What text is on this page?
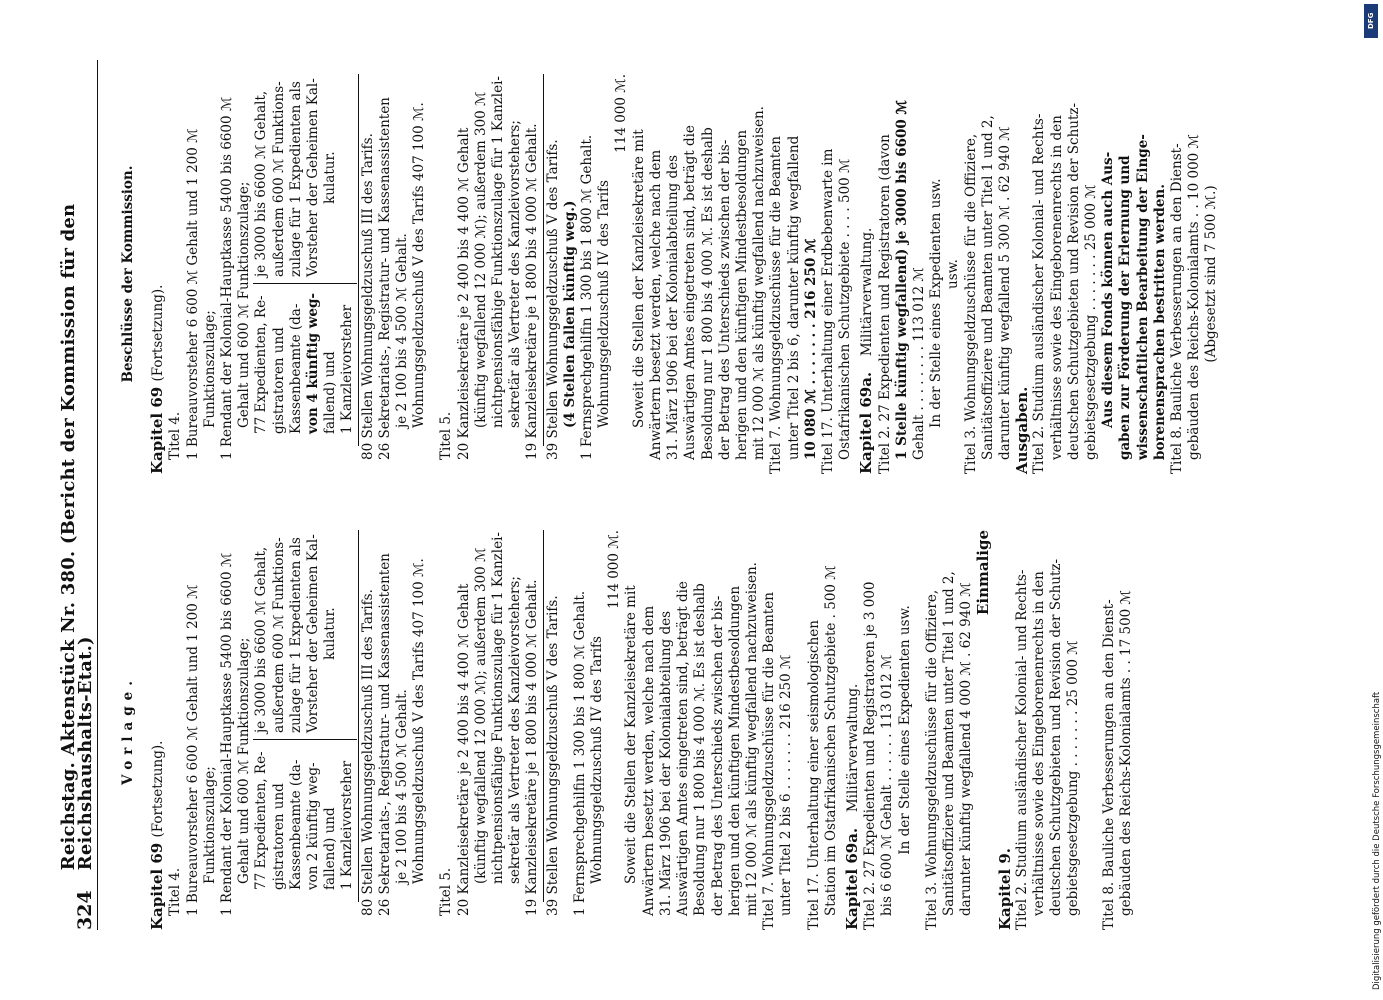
324
Reichstag. Aktenstück Nr. 380. (Bericht der Kommission für den Reichshaushalts-Etat.) Vorlage.
Kapitel 69 (Fortsetzung).
Titel 4. 1 Bureauvorsteher 6 600 ℳ Gehalt und 1 200 ℳ Funktionszulage; 1 Rendant der Kolonial-Hauptkasse 5400 bis 6600 ℳ Gehalt und 600 ℳ Funktionszulage; 77 Expedienten, Re- gistratoren und Kassenbeamte (da- von 2 künftig weg- fallend) und 1 Kanzleivorsteher
je 3000 bis 6600 ℳ Gehalt, außerdem 600 ℳ Funktions- zulage für 1 Expedienten als Vorsteher der Geheimen Kal- kulatur. 80 Stellen Wohnungsgeldzuschuß III des Tarifs. 26 Sekretariats-, Registratur- und Kassenassistenten je 2 100 bis 4 500 ℳ Gehalt. Wohnungsgeldzuschuß V des Tarifs 407 100 ℳ.
Titel 5. 20 Kanzleisekretäre je 2 400 bis 4 400 ℳ Gehalt (künftig wegfallend 12 000 ℳ); außerdem 300 ℳ nichtpensionsfähige Funktionszulage für 1 Kanzlei- sekretär als Vertreter des Kanzleivorstehers; 19 Kanzleisekretäre je 1 800 bis 4 000 ℳ Gehalt. 39 Stellen Wohnungsgeldzuschuß V des Tarifs. 1 Fernsprechgehilfin 1 300 bis 1 800 ℳ Gehalt. Wohnungsgeldzuschuß IV des Tarifs
114 000 ℳ.
Soweit die Stellen der Kanzleisekretäre mit Anwärtern besetzt werden, welche nach dem 31. März 1906 bei der Kolonialabteilung des Auswärtigen Amtes eingetreten sind, beträgt die Besoldung nur 1 800 bis 4 000 ℳ. Es ist deshalb der Betrag des Unterschieds zwischen der bis- herigen und den künftigen Mindestbesoldungen mit 12 000 ℳ als künftig wegfallend nachzuweisen. Titel 7. Wohnungsgeldzuschüsse für die Beamten unter Titel 2 bis 6 . . . . . . . 216 250 ℳ Titel 17. Unterhaltung einer seismologischen Station im Ostafrikanischen Schutzgebiete . 500 ℳ Kapitel 69a.   Militärverwaltung. Titel 2. 27 Expedienten und Registratoren je 3 000 bis 6 600 ℳ Gehalt . . . . . . 113 012 ℳ In der Stelle eines Expedienten usw. Titel 3. Wohnungsgeldzuschüsse für die Offiziere, Sanitätsoffiziere und Beamten unter Titel 1 und 2, darunter künftig wegfallend 4 000 ℳ . 62 940 ℳ
Einmalige
Kapitel 9. Titel 2. Studium ausländischer Kolonial- und Rechts- verhältnisse sowie des Eingeborenenrechts in den deutschen Schutzgebieten und Revision der Schutz- gebietsgesetzgebung . . . . . . . 25 000 ℳ Titel 8. Bauliche Verbesserungen an den Dienst- gebäuden des Reichs-Kolonialamts . . 17 500 ℳ
Beschlüsse der Kommission.
Kapitel 69 (Fortsetzung).
Titel 4. 1 Bureauvorsteher 6 600 ℳ Gehalt und 1 200 ℳ Funktionszulage; 1 Rendant der Kolonial-Hauptkasse 5400 bis 6600 ℳ Gehalt und 600 ℳ Funktionszulage; 77 Expedienten, Re- gistratoren und Kassenbeamte (da- von 4 künftig weg- fallend) und 1 Kanzleivorsteher
je 3000 bis 6600 ℳ Gehalt, außerdem 600 ℳ Funktions- zulage für 1 Expedienten als Vorsteher der Geheimen Kal- kulatur. 80 Stellen Wohnungsgeldzuschuß III des Tarifs. 26 Sekretariats-, Registratur- und Kassenassistenten je 2 100 bis 4 500 ℳ Gehalt. Wohnungsgeldzuschuß V des Tarifs 407 100 ℳ.
Titel 5. 20 Kanzleisekretäre je 2 400 bis 4 400 ℳ Gehalt (künftig wegfallend 12 000 ℳ); außerdem 300 ℳ nichtpensionsfähige Funktionszulage für 1 Kanzlei- sekretär als Vertreter des Kanzleivorstehers; 19 Kanzleisekretäre je 1 800 bis 4 000 ℳ Gehalt. 39 Stellen Wohnungsgeldzuschuß V des Tarifs. (4 Stellen fallen künftig weg.) 1 Fernsprechgehilfin 1 300 bis 1 800 ℳ Gehalt. Wohnungsgeldzuschuß IV des Tarifs
114 000 ℳ.
Soweit die Stellen der Kanzleisekretäre mit Anwärtern besetzt werden, welche nach dem 31. März 1906 bei der Kolonialabteilung des Auswärtigen Amtes eingetreten sind, beträgt die Besoldung nur 1 800 bis 4 000 ℳ. Es ist deshalb der Betrag des Unterschieds zwischen der bis- herigen und den künftigen Mindestbesoldungen mit 12 000 ℳ als künftig wegfallend nachzuweisen. Titel 7. Wohnungsgeldzuschüsse für die Beamten unter Titel 2 bis 6, darunter künftig wegfallend 10 080 ℳ . . . . . . . 216 250 ℳ Titel 17. Unterhaltung einer Erdbebenwarte im Ostafrikanischen Schutzgebiete . . . . 500 ℳ Kapitel 69a.   Militärverwaltung. Titel 2. 27 Expedienten und Registratoren (davon 1 Stelle künftig wegfallend) je 3000 bis 6600 ℳ Gehalt . . . . . . . . 113 012 ℳ In der Stelle eines Expedienten usw. usw. Titel 3. Wohnungsgeldzuschüsse für die Offiziere, Sanitätsoffiziere und Beamten unter Titel 1 und 2, darunter künftig wegfallend 5 300 ℳ . 62 940 ℳ Ausgaben. Titel 2. Studium ausländischer Kolonial- und Rechts- verhältnisse sowie des Eingeborenenrechts in den deutschen Schutzgebieten und Revision der Schutz- gebietsgesetzgebung . . . . . . . 25 000 ℳ Aus diesem Fonds können auch Aus- gaben zur Förderung der Erlernung und wissenschaftlichen Bearbeitung der Einge- borenensprachen bestritten werden. Titel 8. Bauliche Verbesserungen an den Dienst- gebäuden des Reichs-Kolonialamts . . 10 000 ℳ (Abgesetzt sind 7 500 ℳ.)
DFG
Digitalisierung gefördert durch die Deutsche Forschungsgemeinschaft
